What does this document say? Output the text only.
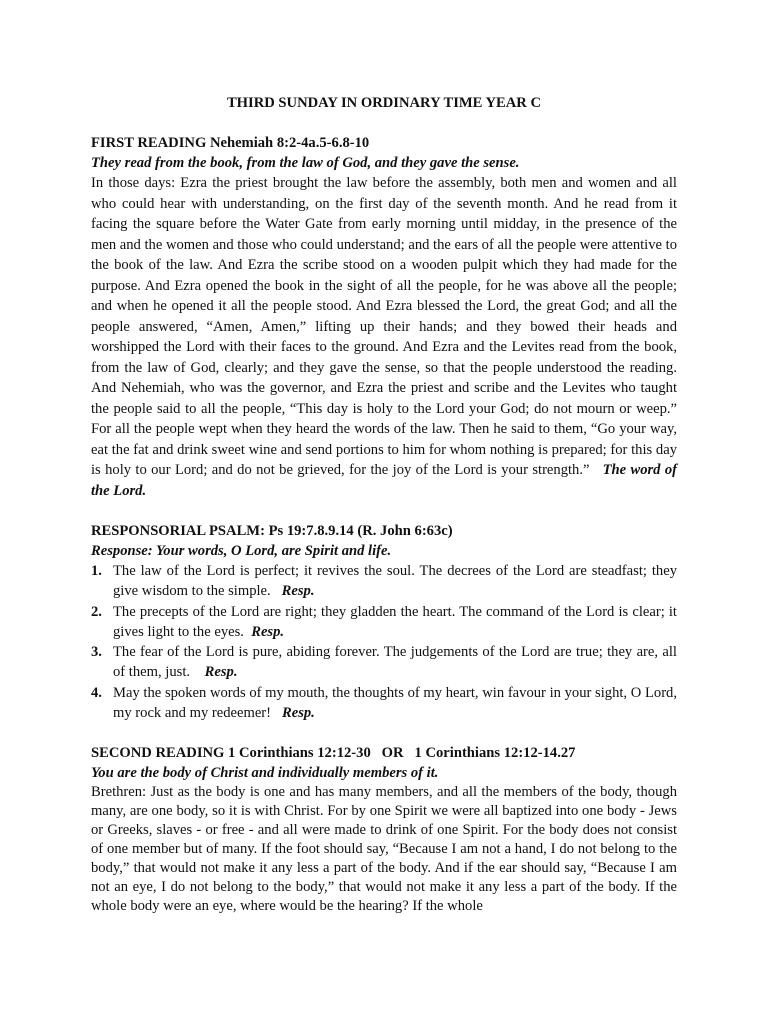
THIRD SUNDAY IN ORDINARY TIME YEAR C

FIRST READING Nehemiah 8:2-4a.5-6.8-10

They read from the book, from the law of God, and they gave the sense.

In those days: Ezra the priest brought the law before the assembly, both men and women and all who could hear with understanding, on the first day of the seventh month. And he read from it facing the square before the Water Gate from early morning until midday, in the presence of the men and the women and those who could understand; and the ears of all the people were attentive to the book of the law. And Ezra the scribe stood on a wooden pulpit which they had made for the purpose. And Ezra opened the book in the sight of all the people, for he was above all the people; and when he opened it all the people stood. And Ezra blessed the Lord, the great God; and all the people answered, “Amen, Amen,” lifting up their hands; and they bowed their heads and worshipped the Lord with their faces to the ground. And Ezra and the Levites read from the book, from the law of God, clearly; and they gave the sense, so that the people understood the reading. And Nehemiah, who was the governor, and Ezra the priest and scribe and the Levites who taught the people said to all the people, “This day is holy to the Lord your God; do not mourn or weep.” For all the people wept when they heard the words of the law. Then he said to them, “Go your way, eat the fat and drink sweet wine and send portions to him for whom nothing is prepared; for this day is holy to our Lord; and do not be grieved, for the joy of the Lord is your strength.” The word of the Lord.

RESPONSORIAL PSALM: Ps 19:7.8.9.14 (R. John 6:63c)

Response: Your words, O Lord, are Spirit and life.

1. The law of the Lord is perfect; it revives the soul. The decrees of the Lord are steadfast; they give wisdom to the simple. Resp.
2. The precepts of the Lord are right; they gladden the heart. The command of the Lord is clear; it gives light to the eyes. Resp.
3. The fear of the Lord is pure, abiding forever. The judgements of the Lord are true; they are, all of them, just. Resp.
4. May the spoken words of my mouth, the thoughts of my heart, win favour in your sight, O Lord, my rock and my redeemer! Resp.

SECOND READING 1 Corinthians 12:12-30   OR   1 Corinthians 12:12-14.27

You are the body of Christ and individually members of it.

Brethren: Just as the body is one and has many members, and all the members of the body, though many, are one body, so it is with Christ. For by one Spirit we were all baptized into one body - Jews or Greeks, slaves - or free - and all were made to drink of one Spirit. For the body does not consist of one member but of many. If the foot should say, “Because I am not a hand, I do not belong to the body,” that would not make it any less a part of the body. And if the ear should say, “Because I am not an eye, I do not belong to the body,” that would not make it any less a part of the body. If the whole body were an eye, where would be the hearing? If the whole
